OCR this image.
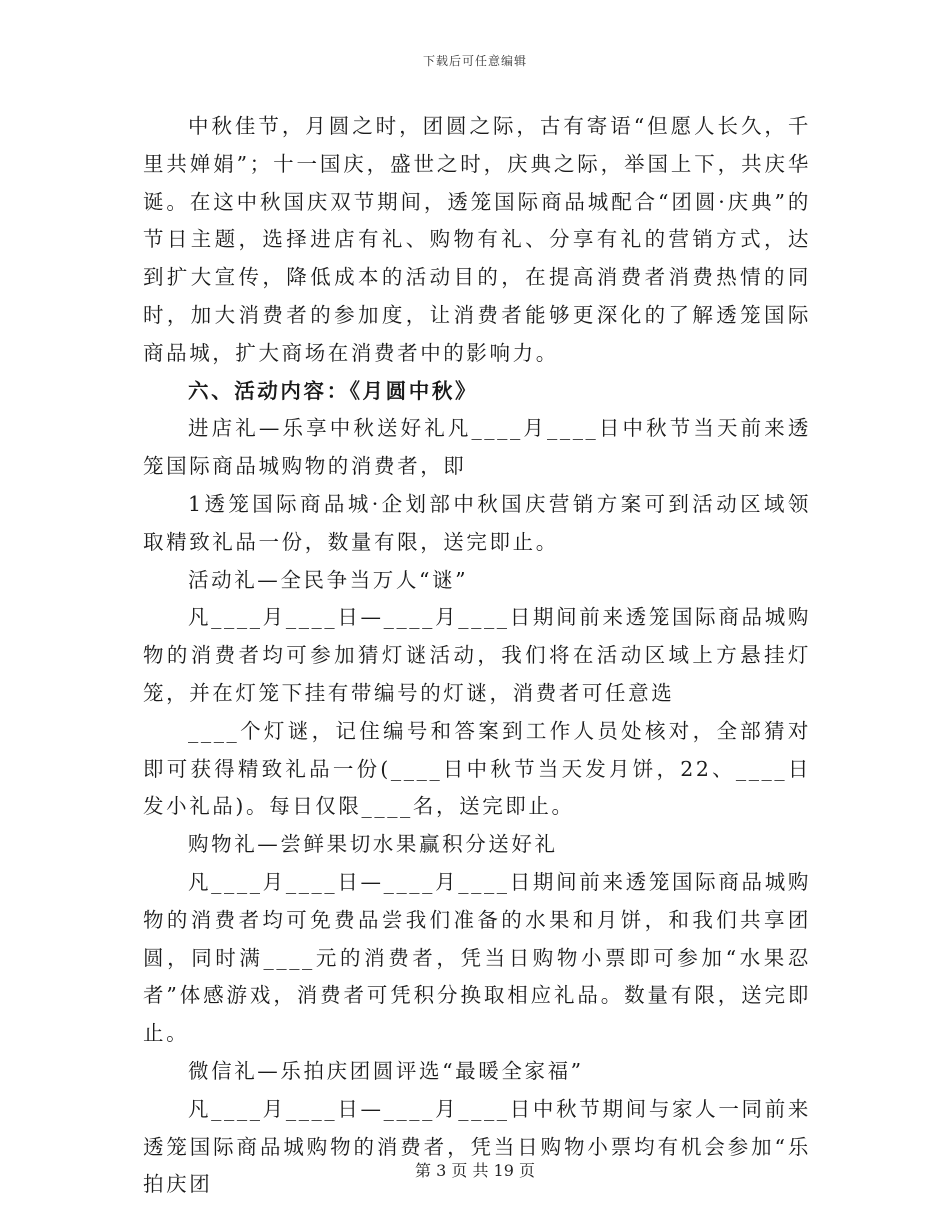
下载后可任意编辑

中秋佳节，月圆之时，团圆之际，古有寄语“但愿人长久，千里共婵娟”；十一国庆，盛世之时，庆典之际，举国上下，共庆华诞。在这中秋国庆双节期间，透笼国际商品城配合“团圆·庆典”的节日主题，选择进店有礼、购物有礼、分享有礼的营销方式，达到扩大宣传，降低成本的活动目的，在提高消费者消费热情的同时，加大消费者的参加度，让消费者能够更深化的了解透笼国际商品城，扩大商场在消费者中的影响力。

六、活动内容：《月圆中秋》

进店礼—乐享中秋送好礼凡____月____日中秋节当天前来透笼国际商品城购物的消费者，即

1透笼国际商品城·企划部中秋国庆营销方案可到活动区域领取精致礼品一份，数量有限，送完即止。

活动礼—全民争当万人“谜”

凡____月____日—____月____日期间前来透笼国际商品城购物的消费者均可参加猜灯谜活动，我们将在活动区域上方悬挂灯笼，并在灯笼下挂有带编号的灯谜，消费者可任意选

____个灯谜，记住编号和答案到工作人员处核对，全部猜对即可获得精致礼品一份(____日中秋节当天发月饼，22、____日发小礼品)。每日仅限____名，送完即止。

购物礼—尝鲜果切水果赢积分送好礼

凡____月____日—____月____日期间前来透笼国际商品城购物的消费者均可免费品尝我们准备的水果和月饼，和我们共享团圆，同时满____元的消费者，凭当日购物小票即可参加“水果忍者”体感游戏，消费者可凭积分换取相应礼品。数量有限，送完即止。

微信礼—乐拍庆团圆评选“最暖全家福”

凡____月____日—____月____日中秋节期间与家人一同前来透笼国际商品城购物的消费者，凭当日购物小票均有机会参加“乐拍庆团

第 3 页 共 19 页
